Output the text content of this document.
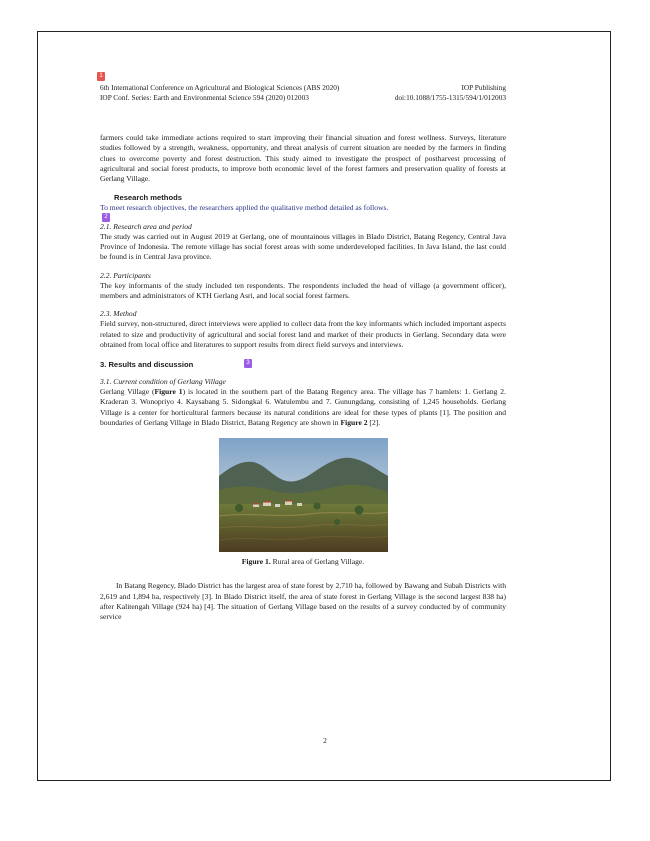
1
2
3
6th International Conference on Agricultural and Biological Sciences (ABS 2020)	IOP Publishing
IOP Conf. Series: Earth and Environmental Science 594 (2020) 012003	doi:10.1088/1755-1315/594/1/012003

farmers could take immediate actions required to start improving their financial situation and forest wellness. Surveys, literature studies followed by a strength, weakness, opportunity, and threat analysis of current situation are needed by the farmers in finding clues to overcome poverty and forest destruction. This study aimed to investigate the prospect of postharvest processing of agricultural and social forest products, to improve both economic level of the forest farmers and preservation quality of forests at Gerlang Village.

Research methods

To meet research objectives, the researchers applied the qualitative method detailed as follows.

2.1. Research area and period

The study was carried out in August 2019 at Gerlang, one of mountainous villages in Blado District, Batang Regency, Central Java Province of Indonesia. The remote village has social forest areas with some underdeveloped facilities. In Java Island, the last could be found is in Central Java province.

2.2. Participants

The key informants of the study included ten respondents. The respondents included the head of village (a government officer), members and administrators of KTH Gerlang Asri, and local social forest farmers.

2.3. Method

Field survey, non-structured, direct interviews were applied to collect data from the key informants which included important aspects related to size and productivity of agricultural and social forest land and market of their products in Gerlang. Secondary data were obtained from local office and literatures to support results from direct field surveys and interviews.

3. Results and discussion

3.1. Current condition of Gerlang Village

Gerlang Village (Figure 1) is located in the southern part of the Batang Regency area. The village has 7 hamlets: 1. Gerlang 2. Kraderan 3. Wonopriyo 4. Kaysabang 5. Sidongkal 6. Watulembu and 7. Gunungdang, consisting of 1,245 households. Gerlang Village is a center for horticultural farmers because its natural conditions are ideal for these types of plants [1]. The position and boundaries of Gerlang Village in Blado District, Batang Regency are shown in Figure 2 [2].

Figure 1. Rural area of Gerlang Village.

In Batang Regency, Blado District has the largest area of state forest by 2,710 ha, followed by Bawang and Subah Districts with 2,619 and 1,894 ha, respectively [3]. In Blado District itself, the area of state forest in Gerlang Village is the second largest 838 ha) after Kalitengah Village (924 ha) [4]. The situation of Gerlang Village based on the results of a survey conducted by of community service

2
